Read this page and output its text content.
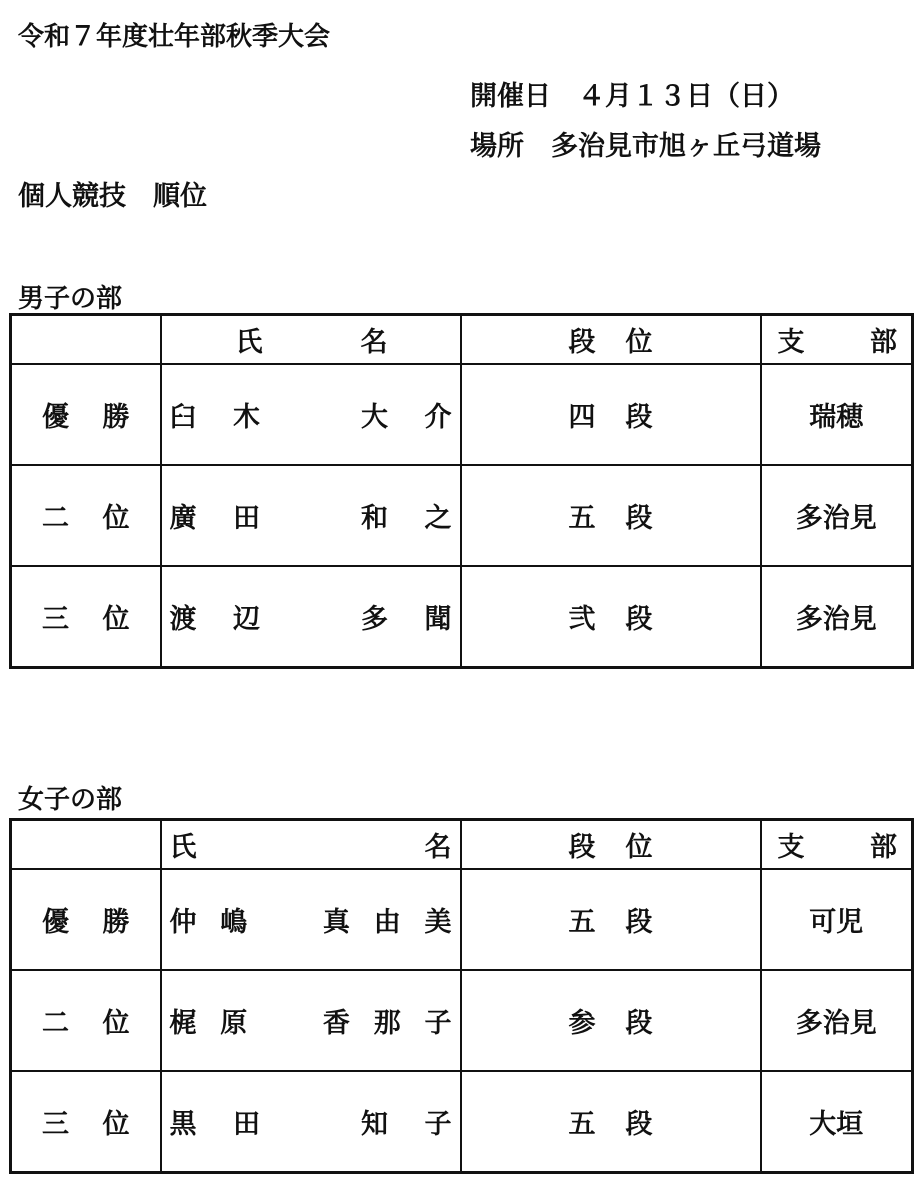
令和７年度壮年部秋季大会
開催日　４月１３日（日）
場所　多治見市旭ヶ丘弓道場
個人競技　順位
男子の部

	氏 名	段 位	支 部

優 勝	臼 木 大 介	四 段	瑞穂

二 位	廣 田 和 之	五 段	多治見

三 位	渡 辺 多 聞	弐 段	多治見
女子の部

	氏 名	段 位	支 部

優 勝	仲 嶋 真 由 美	五 段	可児

二 位	梶 原 香 那 子	参 段	多治見

三 位	黒 田 知 子	五 段	大垣
